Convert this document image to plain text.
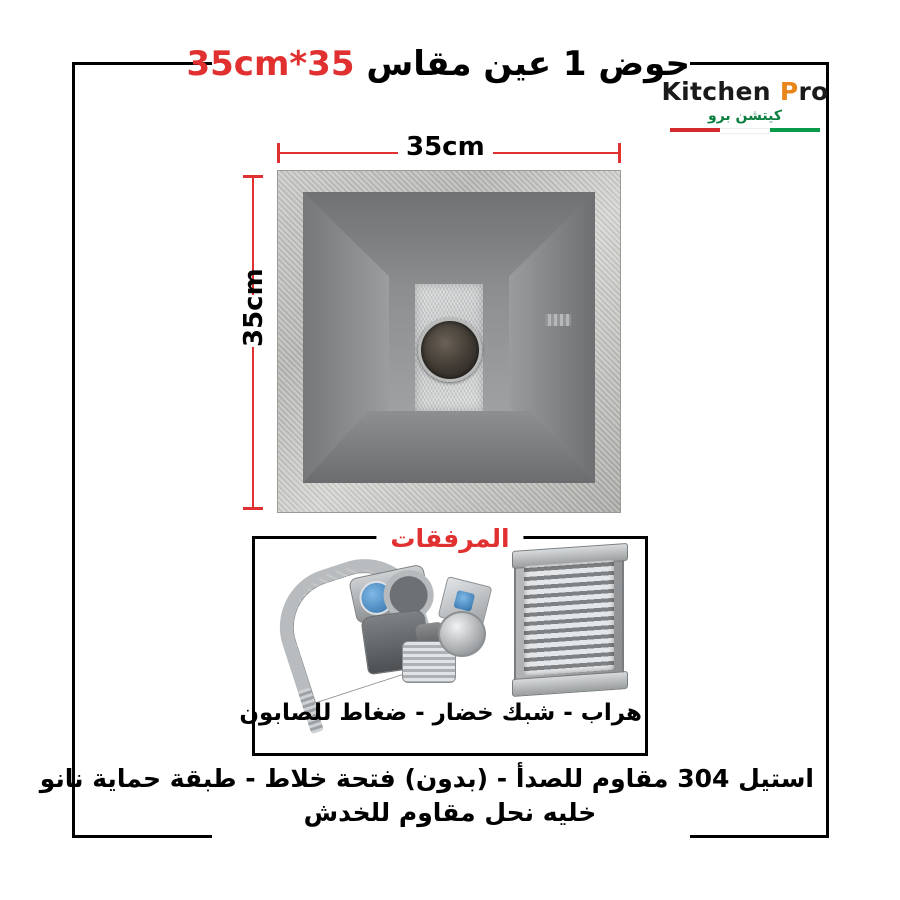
حوض 1 عين مقاس 35*35cm
Kitchen Pro
كيتشن برو
35cm
35cm
المرفقات
هراب - شبك خضار - ضغاط للصابون
استيل 304 مقاوم للصدأ - (بدون) فتحة خلاط - طبقة حماية نانو
خليه نحل مقاوم للخدش
